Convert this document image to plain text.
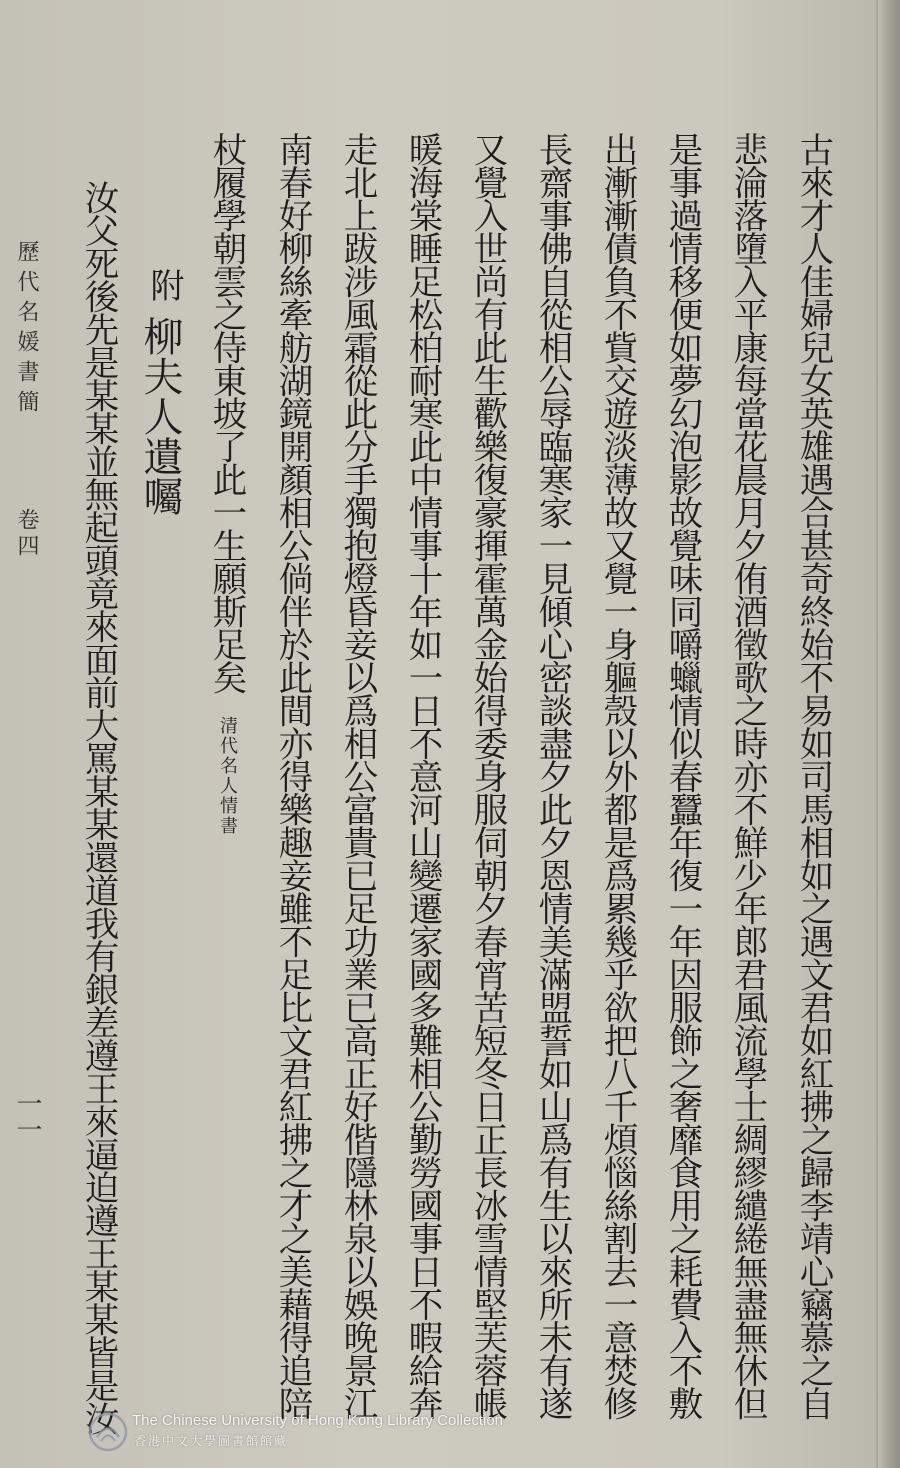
古來才人佳婦兒女英雄遇合甚奇終始不易如司馬相如之遇文君如紅拂之歸李靖心竊慕之自
悲淪落墮入平康每當花晨月夕侑酒徵歌之時亦不鮮少年郎君風流學士綢繆繾綣無盡無休但
是事過情移便如夢幻泡影故覺味同嚼蠟情似春蠶年復一年因服飾之奢靡食用之耗費入不敷
出漸漸債負不貲交遊淡薄故又覺一身軀殼以外都是爲累幾乎欲把八千煩惱絲割去一意焚修
長齋事佛自從相公辱臨寒家一見傾心密談盡夕此夕恩情美滿盟誓如山爲有生以來所未有遂
又覺入世尚有此生歡樂復豪揮霍萬金始得委身服伺朝夕春宵苦短冬日正長冰雪情堅芙蓉帳
暖海棠睡足松柏耐寒此中情事十年如一日不意河山變遷家國多難相公勤勞國事日不暇給奔
走北上跋涉風霜從此分手獨抱燈昏妾以爲相公富貴已足功業已高正好偕隱林泉以娛晚景江
南春好柳絲牽舫湖鏡開顏相公倘伴於此間亦得樂趣妾雖不足比文君紅拂之才之美藉得追陪
杖履學朝雲之侍東坡了此一生願斯足矣
清代名人情書
附
柳夫人遺囑
汝父死後先是某某並無起頭竟來面前大罵某某還道我有銀差遵王來逼迫遵王某某皆是汝
歷代名媛書簡
卷四
一一
The Chinese University of Hong Kong Library Collection
香港中文大學圖書館館藏
